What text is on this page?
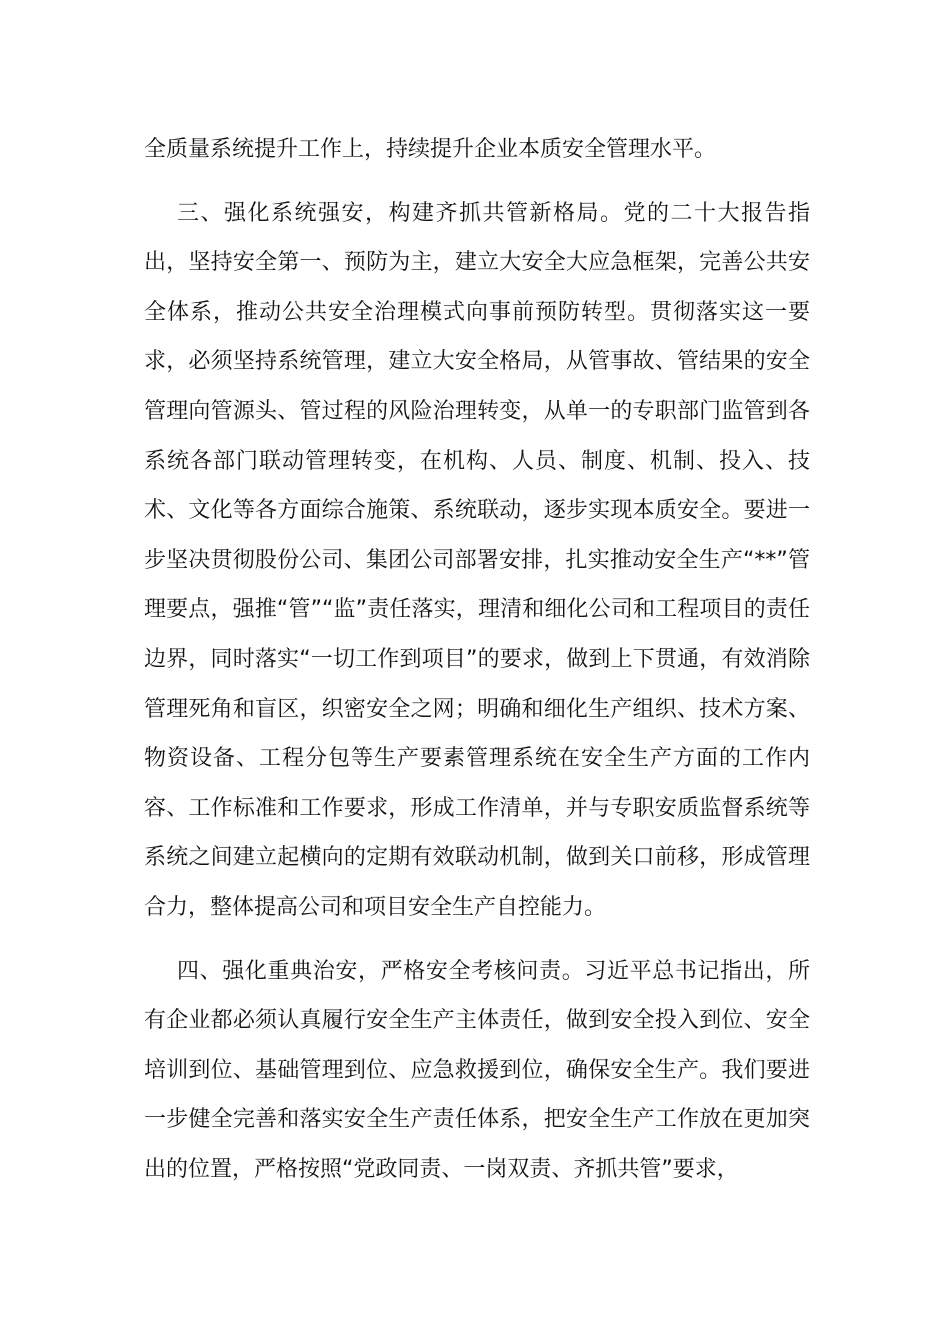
全质量系统提升工作上，持续提升企业本质安全管理水平。

三、强化系统强安，构建齐抓共管新格局。党的二十大报告指出，坚持安全第一、预防为主，建立大安全大应急框架，完善公共安全体系，推动公共安全治理模式向事前预防转型。贯彻落实这一要求，必须坚持系统管理，建立大安全格局，从管事故、管结果的安全管理向管源头、管过程的风险治理转变，从单一的专职部门监管到各系统各部门联动管理转变，在机构、人员、制度、机制、投入、技术、文化等各方面综合施策、系统联动，逐步实现本质安全。要进一步坚决贯彻股份公司、集团公司部署安排，扎实推动安全生产“**”管理要点，强推“管”“监”责任落实，理清和细化公司和工程项目的责任边界，同时落实“一切工作到项目”的要求，做到上下贯通，有效消除管理死角和盲区，织密安全之网；明确和细化生产组织、技术方案、物资设备、工程分包等生产要素管理系统在安全生产方面的工作内容、工作标准和工作要求，形成工作清单，并与专职安质监督系统等系统之间建立起横向的定期有效联动机制，做到关口前移，形成管理合力，整体提高公司和项目安全生产自控能力。

四、强化重典治安，严格安全考核问责。习近平总书记指出，所有企业都必须认真履行安全生产主体责任，做到安全投入到位、安全培训到位、基础管理到位、应急救援到位，确保安全生产。我们要进一步健全完善和落实安全生产责任体系，把安全生产工作放在更加突出的位置，严格按照“党政同责、一岗双责、齐抓共管”要求，
